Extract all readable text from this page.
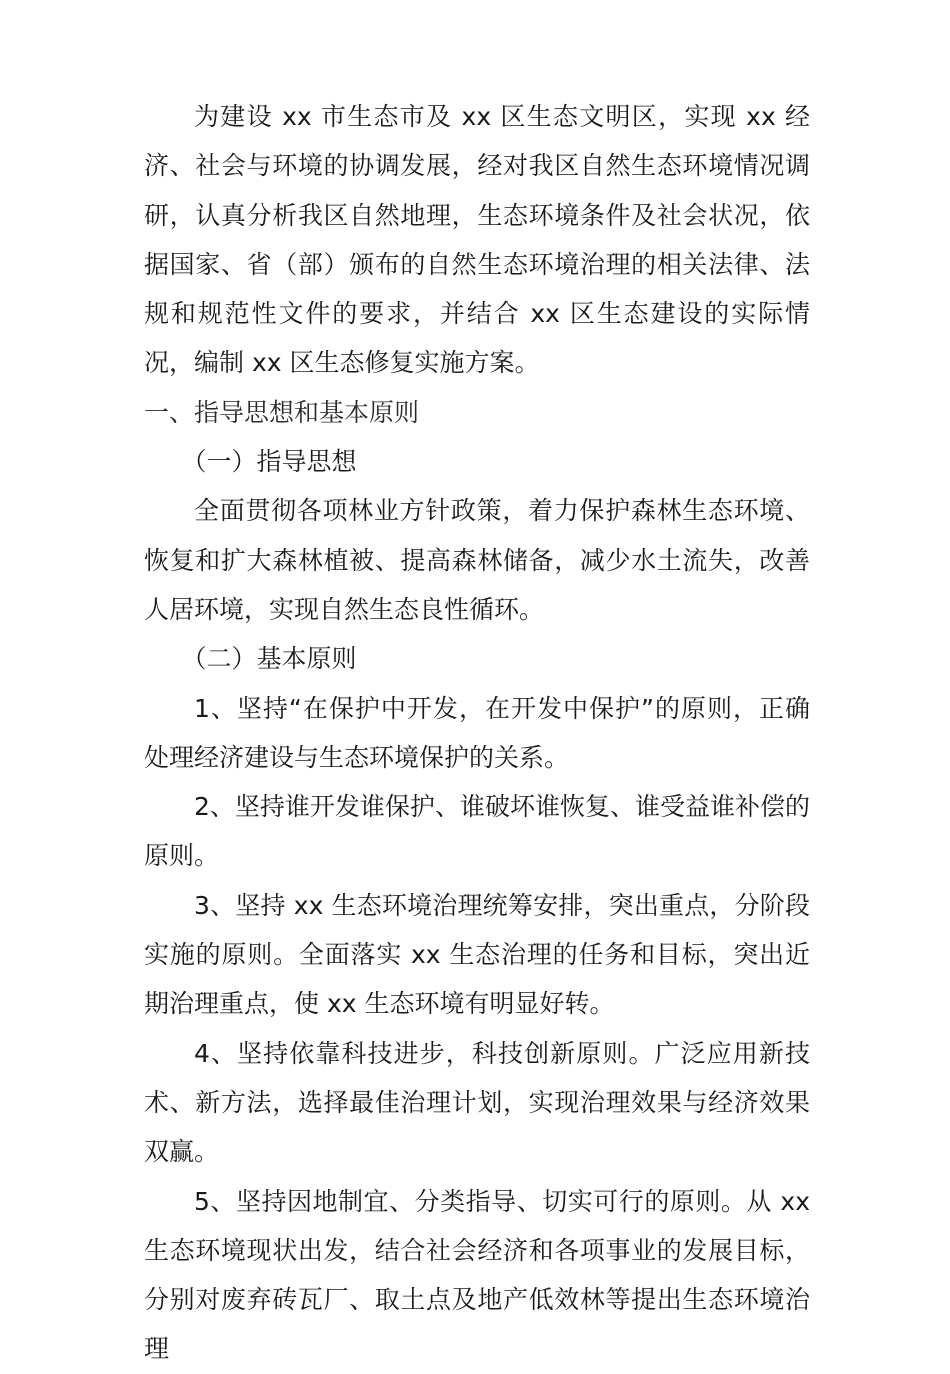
为建设 xx 市生态市及 xx 区生态文明区，实现 xx 经济、社会与环境的协调发展，经对我区自然生态环境情况调研，认真分析我区自然地理，生态环境条件及社会状况，依据国家、省（部）颁布的自然生态环境治理的相关法律、法规和规范性文件的要求，并结合 xx 区生态建设的实际情况，编制 xx 区生态修复实施方案。

一、指导思想和基本原则

（一）指导思想

全面贯彻各项林业方针政策，着力保护森林生态环境、恢复和扩大森林植被、提高森林储备，减少水土流失，改善人居环境，实现自然生态良性循环。

（二）基本原则

1、坚持“在保护中开发，在开发中保护”的原则，正确处理经济建设与生态环境保护的关系。

2、坚持谁开发谁保护、谁破坏谁恢复、谁受益谁补偿的原则。

3、坚持 xx 生态环境治理统筹安排，突出重点，分阶段实施的原则。全面落实 xx 生态治理的任务和目标，突出近期治理重点，使 xx 生态环境有明显好转。

4、坚持依靠科技进步，科技创新原则。广泛应用新技术、新方法，选择最佳治理计划，实现治理效果与经济效果双赢。

5、坚持因地制宜、分类指导、切实可行的原则。从 xx 生态环境现状出发，结合社会经济和各项事业的发展目标，分别对废弃砖瓦厂、取土点及地产低效林等提出生态环境治理
